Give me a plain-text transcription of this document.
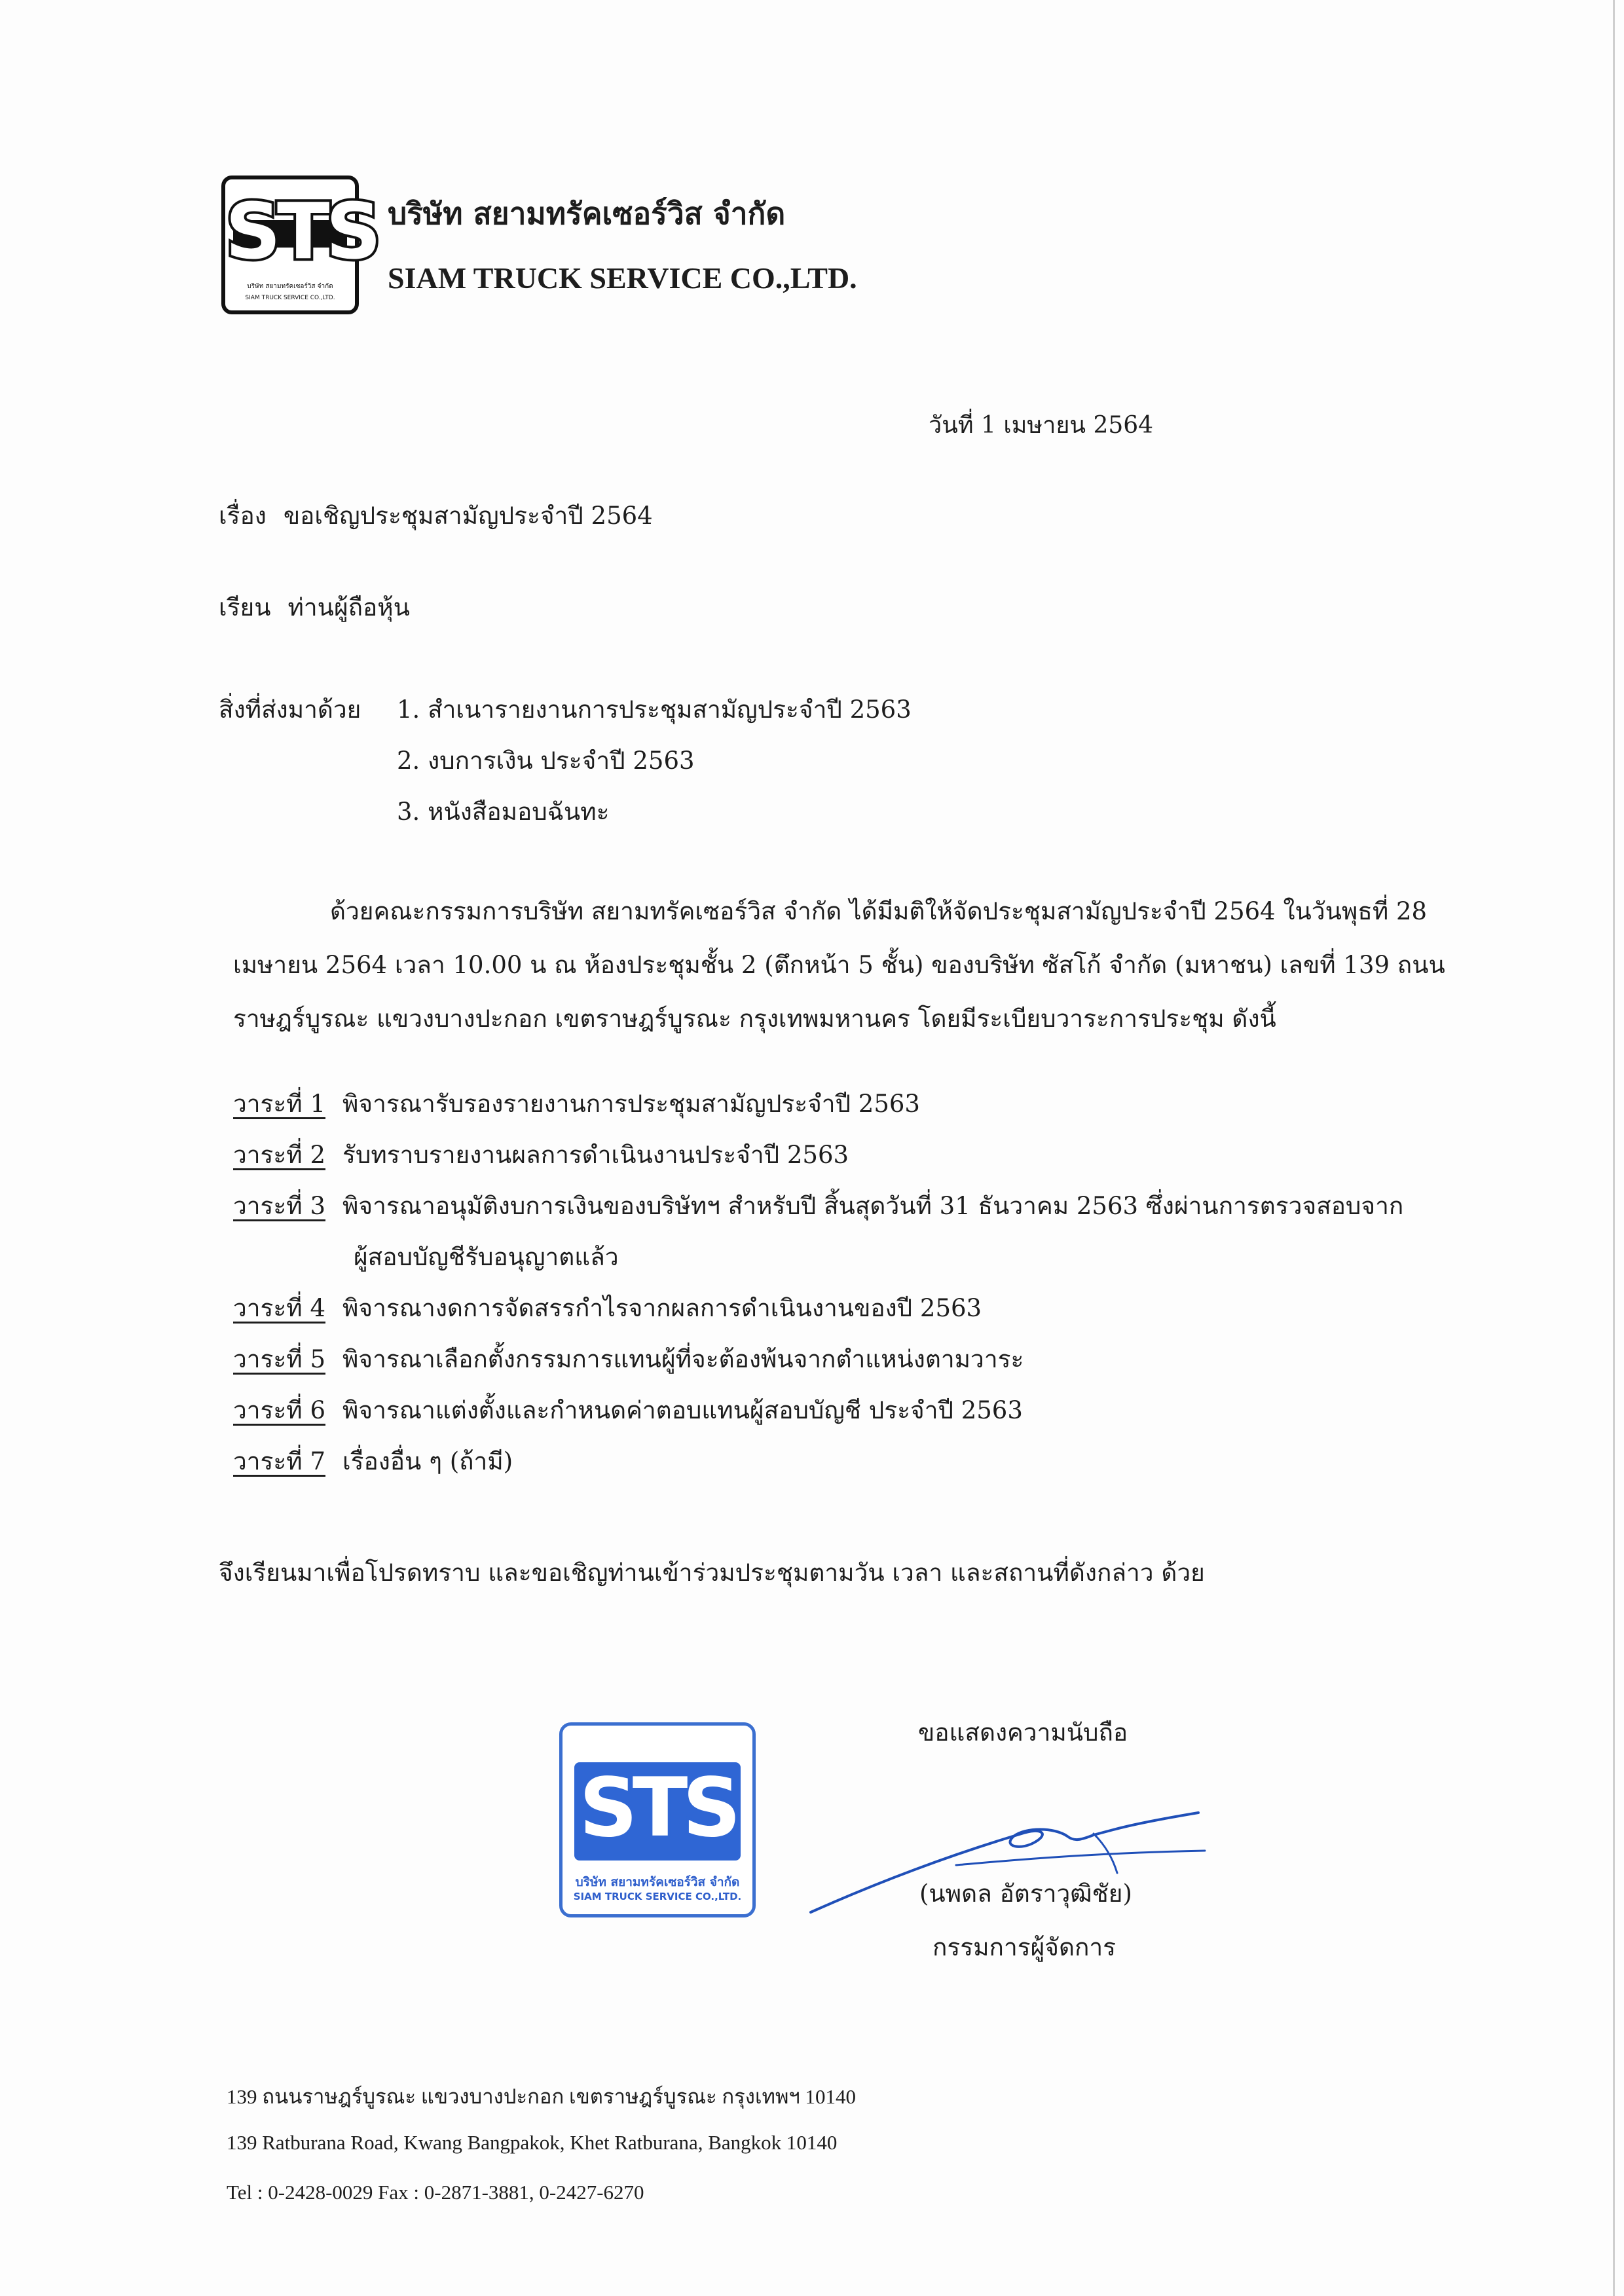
STS
บริษัท สยามทรัคเซอร์วิส จำกัด
SIAM TRUCK SERVICE CO.,LTD.
บริษัท สยามทรัคเซอร์วิส จำกัด
SIAM TRUCK SERVICE CO.,LTD.
วันที่ 1 เมษายน 2564
เรื่อง ขอเชิญประชุมสามัญประจำปี 2564
เรียน ท่านผู้ถือหุ้น
สิ่งที่ส่งมาด้วย 1. สำเนารายงานการประชุมสามัญประจำปี 2563
2. งบการเงิน ประจำปี 2563
3. หนังสือมอบฉันทะ
ด้วยคณะกรรมการบริษัท สยามทรัคเซอร์วิส จำกัด ได้มีมติให้จัดประชุมสามัญประจำปี 2564 ในวันพุธที่ 28
เมษายน 2564 เวลา 10.00 น ณ ห้องประชุมชั้น 2 (ตึกหน้า 5 ชั้น) ของบริษัท ซัสโก้ จำกัด (มหาชน) เลขที่ 139 ถนน
ราษฎร์บูรณะ แขวงบางปะกอก เขตราษฎร์บูรณะ กรุงเทพมหานคร โดยมีระเบียบวาระการประชุม ดังนี้
วาระที่ 1 พิจารณารับรองรายงานการประชุมสามัญประจำปี 2563
วาระที่ 2 รับทราบรายงานผลการดำเนินงานประจำปี 2563
วาระที่ 3 พิจารณาอนุมัติงบการเงินของบริษัทฯ สำหรับปี สิ้นสุดวันที่ 31 ธันวาคม 2563 ซึ่งผ่านการตรวจสอบจาก
ผู้สอบบัญชีรับอนุญาตแล้ว
วาระที่ 4 พิจารณางดการจัดสรรกำไรจากผลการดำเนินงานของปี 2563
วาระที่ 5 พิจารณาเลือกตั้งกรรมการแทนผู้ที่จะต้องพ้นจากตำแหน่งตามวาระ
วาระที่ 6 พิจารณาแต่งตั้งและกำหนดค่าตอบแทนผู้สอบบัญชี ประจำปี 2563
วาระที่ 7 เรื่องอื่น ๆ (ถ้ามี)
จึงเรียนมาเพื่อโปรดทราบ และขอเชิญท่านเข้าร่วมประชุมตามวัน เวลา และสถานที่ดังกล่าว ด้วย
ขอแสดงความนับถือ
STS
บริษัท สยามทรัคเซอร์วิส จำกัด
SIAM TRUCK SERVICE CO.,LTD.	(นพดล อัตราวุฒิชัย)
กรรมการผู้จัดการ
139 ถนนราษฎร์บูรณะ แขวงบางปะกอก เขตราษฎร์บูรณะ กรุงเทพฯ 10140
139 Ratburana Road, Kwang Bangpakok, Khet Ratburana, Bangkok 10140
Tel : 0-2428-0029 Fax : 0-2871-3881, 0-2427-6270
